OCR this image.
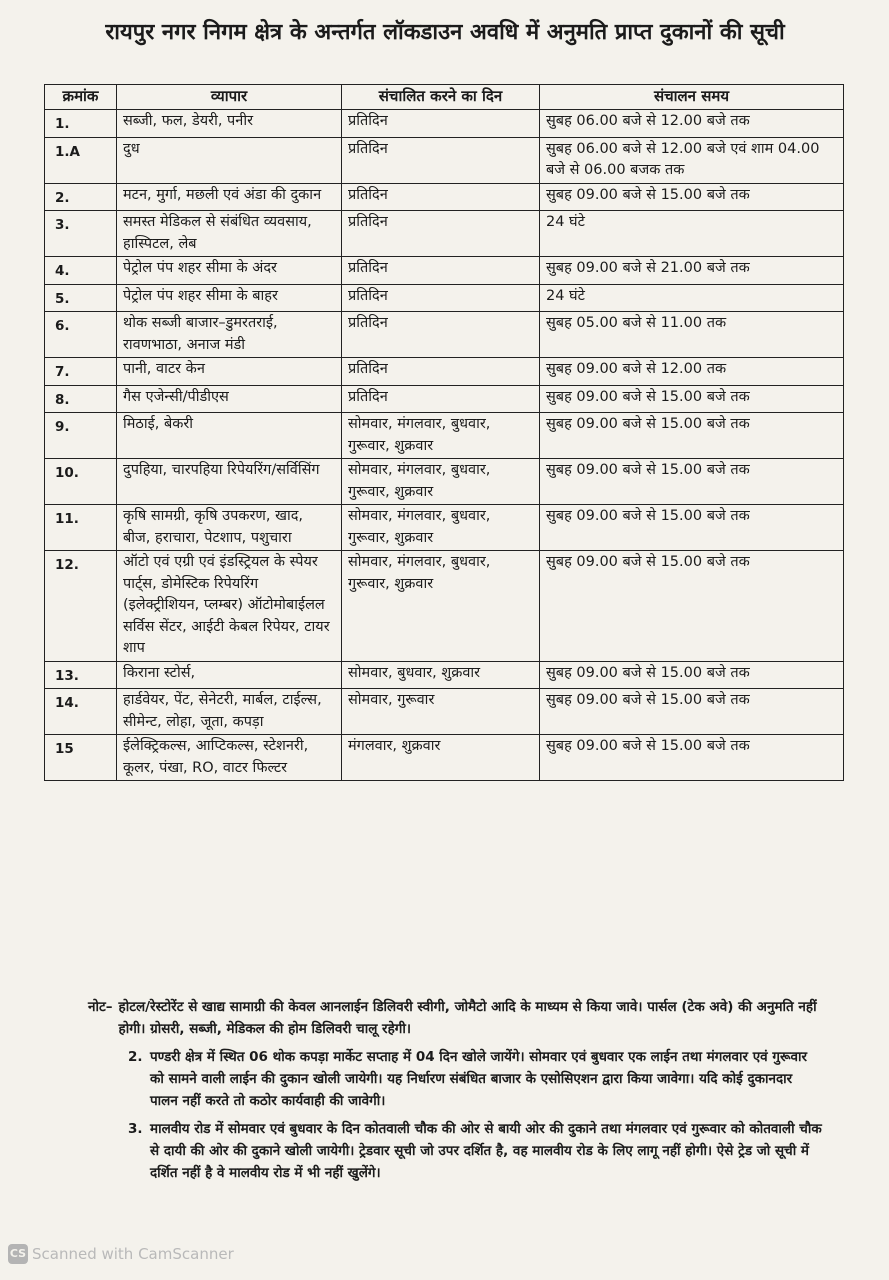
रायपुर नगर निगम क्षेत्र के अन्तर्गत लॉकडाउन अवधि में अनुमति प्राप्त दुकानों की सूची
क्रमांक	व्यापार	संचालित करने का दिन	संचालन समय
1.	सब्जी, फल, डेयरी, पनीर	प्रतिदिन	सुबह 06.00 बजे से 12.00 बजे तक
1.A	दुध	प्रतिदिन	सुबह 06.00 बजे से 12.00 बजे एवं शाम 04.00 बजे से 06.00 बजक तक
2.	मटन, मुर्गा, मछली एवं अंडा की दुकान	प्रतिदिन	सुबह 09.00 बजे से 15.00 बजे तक
3.	समस्त मेडिकल से संबंधित व्यवसाय, हास्पिटल, लेब	प्रतिदिन	24 घंटे
4.	पेट्रोल पंप शहर सीमा के अंदर	प्रतिदिन	सुबह 09.00 बजे से 21.00 बजे तक
5.	पेट्रोल पंप शहर सीमा के बाहर	प्रतिदिन	24 घंटे
6.	थोक सब्जी बाजार–डुमरतराई, रावणभाठा, अनाज मंडी	प्रतिदिन	सुबह 05.00 बजे से 11.00 तक
7.	पानी, वाटर केन	प्रतिदिन	सुबह 09.00 बजे से 12.00 तक
8.	गैस एजेन्सी/पीडीएस	प्रतिदिन	सुबह 09.00 बजे से 15.00 बजे तक
9.	मिठाई, बेकरी	सोमवार, मंगलवार, बुधवार, गुरूवार, शुक्रवार	सुबह 09.00 बजे से 15.00 बजे तक
10.	दुपहिया, चारपहिया रिपेयरिंग/सर्विसिंग	सोमवार, मंगलवार, बुधवार, गुरूवार, शुक्रवार	सुबह 09.00 बजे से 15.00 बजे तक
11.	कृषि सामग्री, कृषि उपकरण, खाद, बीज, हराचारा, पेटशाप, पशुचारा	सोमवार, मंगलवार, बुधवार, गुरूवार, शुक्रवार	सुबह 09.00 बजे से 15.00 बजे तक
12.	ऑटो एवं एग्री एवं इंडस्ट्रियल के स्पेयर पार्ट्स, डोमेस्टिक रिपेयरिंग (इलेक्ट्रीशियन, प्लम्बर) ऑटोमोबाईलल सर्विस सेंटर, आईटी केबल रिपेयर, टायर शाप	सोमवार, मंगलवार, बुधवार, गुरूवार, शुक्रवार	सुबह 09.00 बजे से 15.00 बजे तक
13.	किराना स्टोर्स,	सोमवार, बुधवार, शुक्रवार	सुबह 09.00 बजे से 15.00 बजे तक
14.	हार्डवेयर, पेंट, सेनेटरी, मार्बल, टाईल्स, सीमेन्ट, लोहा, जूता, कपड़ा	सोमवार, गुरूवार	सुबह 09.00 बजे से 15.00 बजे तक
15	ईलेक्ट्रिकल्स, आप्टिकल्स, स्टेशनरी, कूलर, पंखा, RO, वाटर फिल्टर	मंगलवार, शुक्रवार	सुबह 09.00 बजे से 15.00 बजे तक
नोट– होटल/रेस्टोरेंट से खाद्य सामाग्री की केवल आनलाईन डिलिवरी स्वीगी, जोमैटो आदि के माध्यम से किया जावे। पार्सल (टेक अवे) की अनुमति नहीं होगी। ग्रोसरी, सब्जी, मेडिकल की होम डिलिवरी चालू रहेगी।
2. पण्डरी क्षेत्र में स्थित 06 थोक कपड़ा मार्केट सप्ताह में 04 दिन खोले जायेंगे। सोमवार एवं बुधवार एक लाईन तथा मंगलवार एवं गुरूवार को सामने वाली लाईन की दुकान खोली जायेगी। यह निर्धारण संबंधित बाजार के एसोसिएशन द्वारा किया जावेगा। यदि कोई दुकानदार पालन नहीं करते तो कठोर कार्यवाही की जावेगी।
3. मालवीय रोड में सोमवार एवं बुधवार के दिन कोतवाली चौक की ओर से बायी ओर की दुकाने तथा मंगलवार एवं गुरूवार को कोतवाली चौक से दायी की ओर की दुकाने खोली जायेगी। ट्रेडवार सूची जो उपर दर्शित है, वह मालवीय रोड के लिए लागू नहीं होगी। ऐसे ट्रेड जो सूची में दर्शित नहीं है वे मालवीय रोड में भी नहीं खुलेंगे।
CS Scanned with CamScanner
